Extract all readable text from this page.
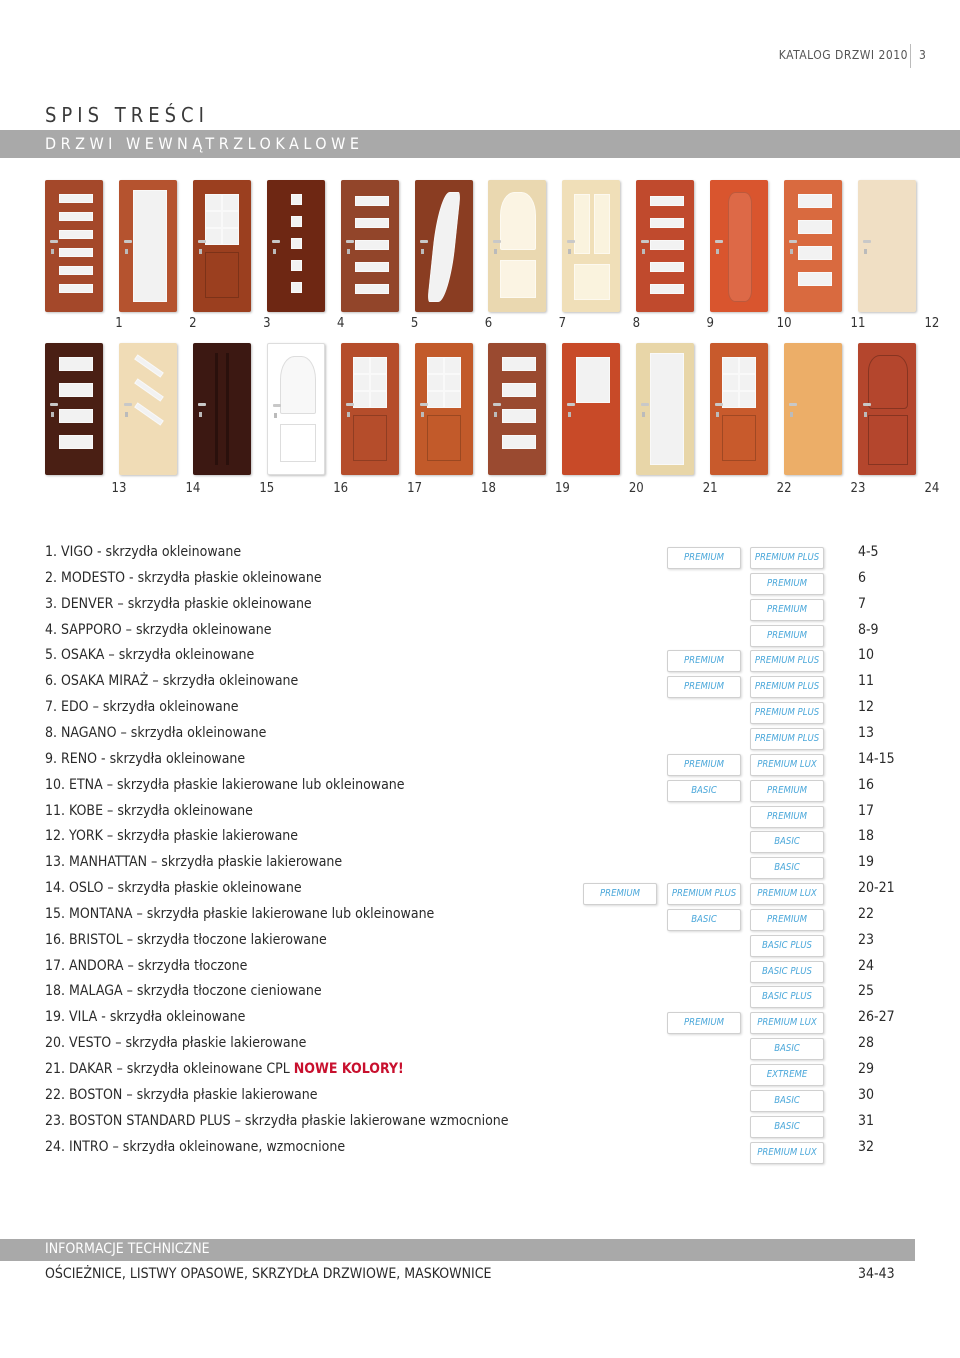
KATALOG DRZWI 2010 3
SPIS TREŚCI
DRZWI WEWNĄTRZLOKALOWE
1	2	3	4	5	6	7	8	9	10	11	12
13	14	15	16	17	18	19	20	21	22	23	24
1. VIGO - skrzydła okleinowane	PREMIUM	PREMIUM PLUS	4-5
2. MODESTO - skrzydła płaskie okleinowane	PREMIUM	6
3. DENVER – skrzydła płaskie okleinowane	PREMIUM	7
4. SAPPORO – skrzydła okleinowane	PREMIUM	8-9
5. OSAKA – skrzydła okleinowane	PREMIUM	PREMIUM PLUS	10
6. OSAKA MIRAŻ – skrzydła okleinowane	PREMIUM	PREMIUM PLUS	11
7. EDO – skrzydła okleinowane	PREMIUM PLUS	12
8. NAGANO – skrzydła okleinowane	PREMIUM PLUS	13
9. RENO - skrzydła okleinowane	PREMIUM	PREMIUM LUX	14-15
10. ETNA – skrzydła płaskie lakierowane lub okleinowane	BASIC	PREMIUM	16
11. KOBE – skrzydła okleinowane	PREMIUM	17
12. YORK – skrzydła płaskie lakierowane	BASIC	18
13. MANHATTAN – skrzydła płaskie lakierowane	BASIC	19
14. OSLO – skrzydła płaskie okleinowane	PREMIUM	PREMIUM PLUS	PREMIUM LUX	20-21
15. MONTANA – skrzydła płaskie lakierowane lub okleinowane	BASIC	PREMIUM	22
16. BRISTOL – skrzydła tłoczone lakierowane	BASIC PLUS	23
17. ANDORA – skrzydła tłoczone	BASIC PLUS	24
18. MALAGA – skrzydła tłoczone cieniowane	BASIC PLUS	25
19. VILA - skrzydła okleinowane	PREMIUM	PREMIUM LUX	26-27
20. VESTO – skrzydła płaskie lakierowane	BASIC	28
21. DAKAR – skrzydła okleinowane CPL NOWE KOLORY!	EXTREME	29
22. BOSTON – skrzydła płaskie lakierowane	BASIC	30
23. BOSTON STANDARD PLUS – skrzydła płaskie lakierowane wzmocnione	BASIC	31
24. INTRO – skrzydła okleinowane, wzmocnione	PREMIUM LUX	32
INFORMACJE TECHNICZNE
OŚCIEŻNICE, LISTWY OPASOWE, SKRZYDŁA DRZWIOWE, MASKOWNICE	34-43
